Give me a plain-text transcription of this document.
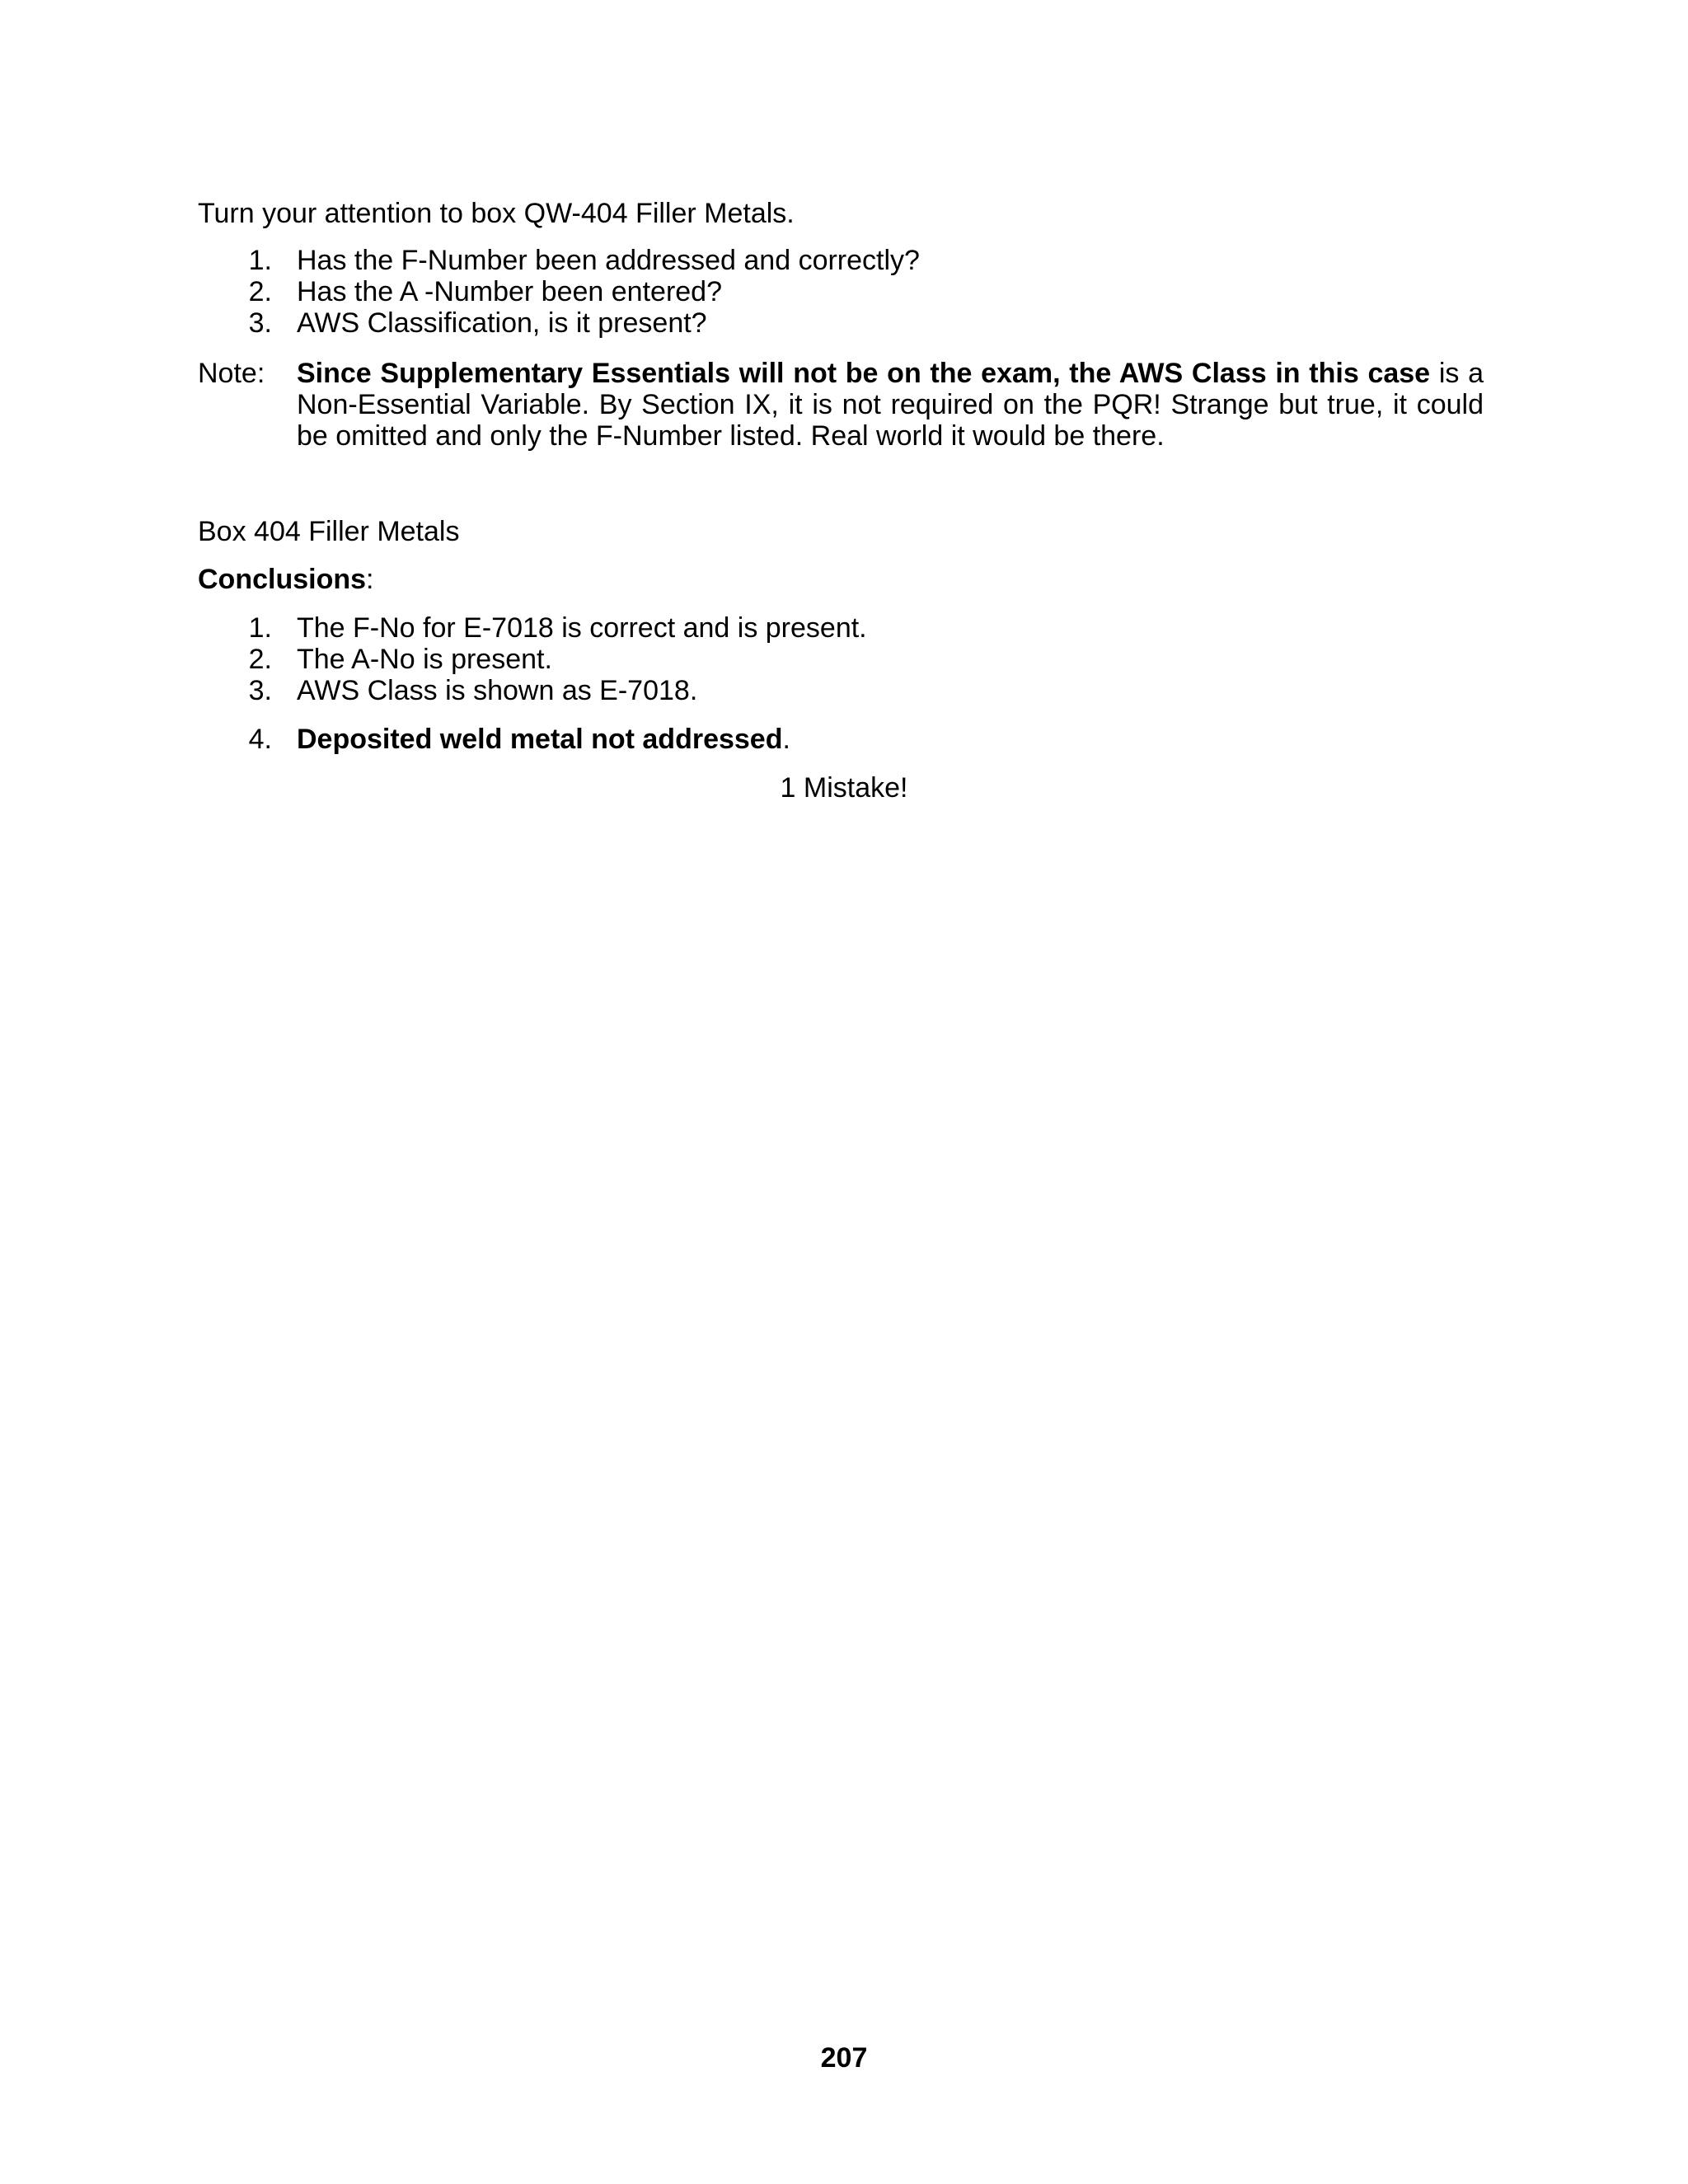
Turn your attention to box QW-404 Filler Metals.
1. Has the F-Number been addressed and correctly?
2. Has the A -Number been entered?
3. AWS Classification, is it present?
Note: Since Supplementary Essentials will not be on the exam, the AWS Class in this case is a Non-Essential Variable. By Section IX, it is not required on the PQR! Strange but true, it could be omitted and only the F-Number listed. Real world it would be there.
Box 404 Filler Metals
Conclusions:
1. The F-No for E-7018 is correct and is present.
2. The A-No is present.
3. AWS Class is shown as E-7018.
4. Deposited weld metal not addressed.
1 Mistake!
207
